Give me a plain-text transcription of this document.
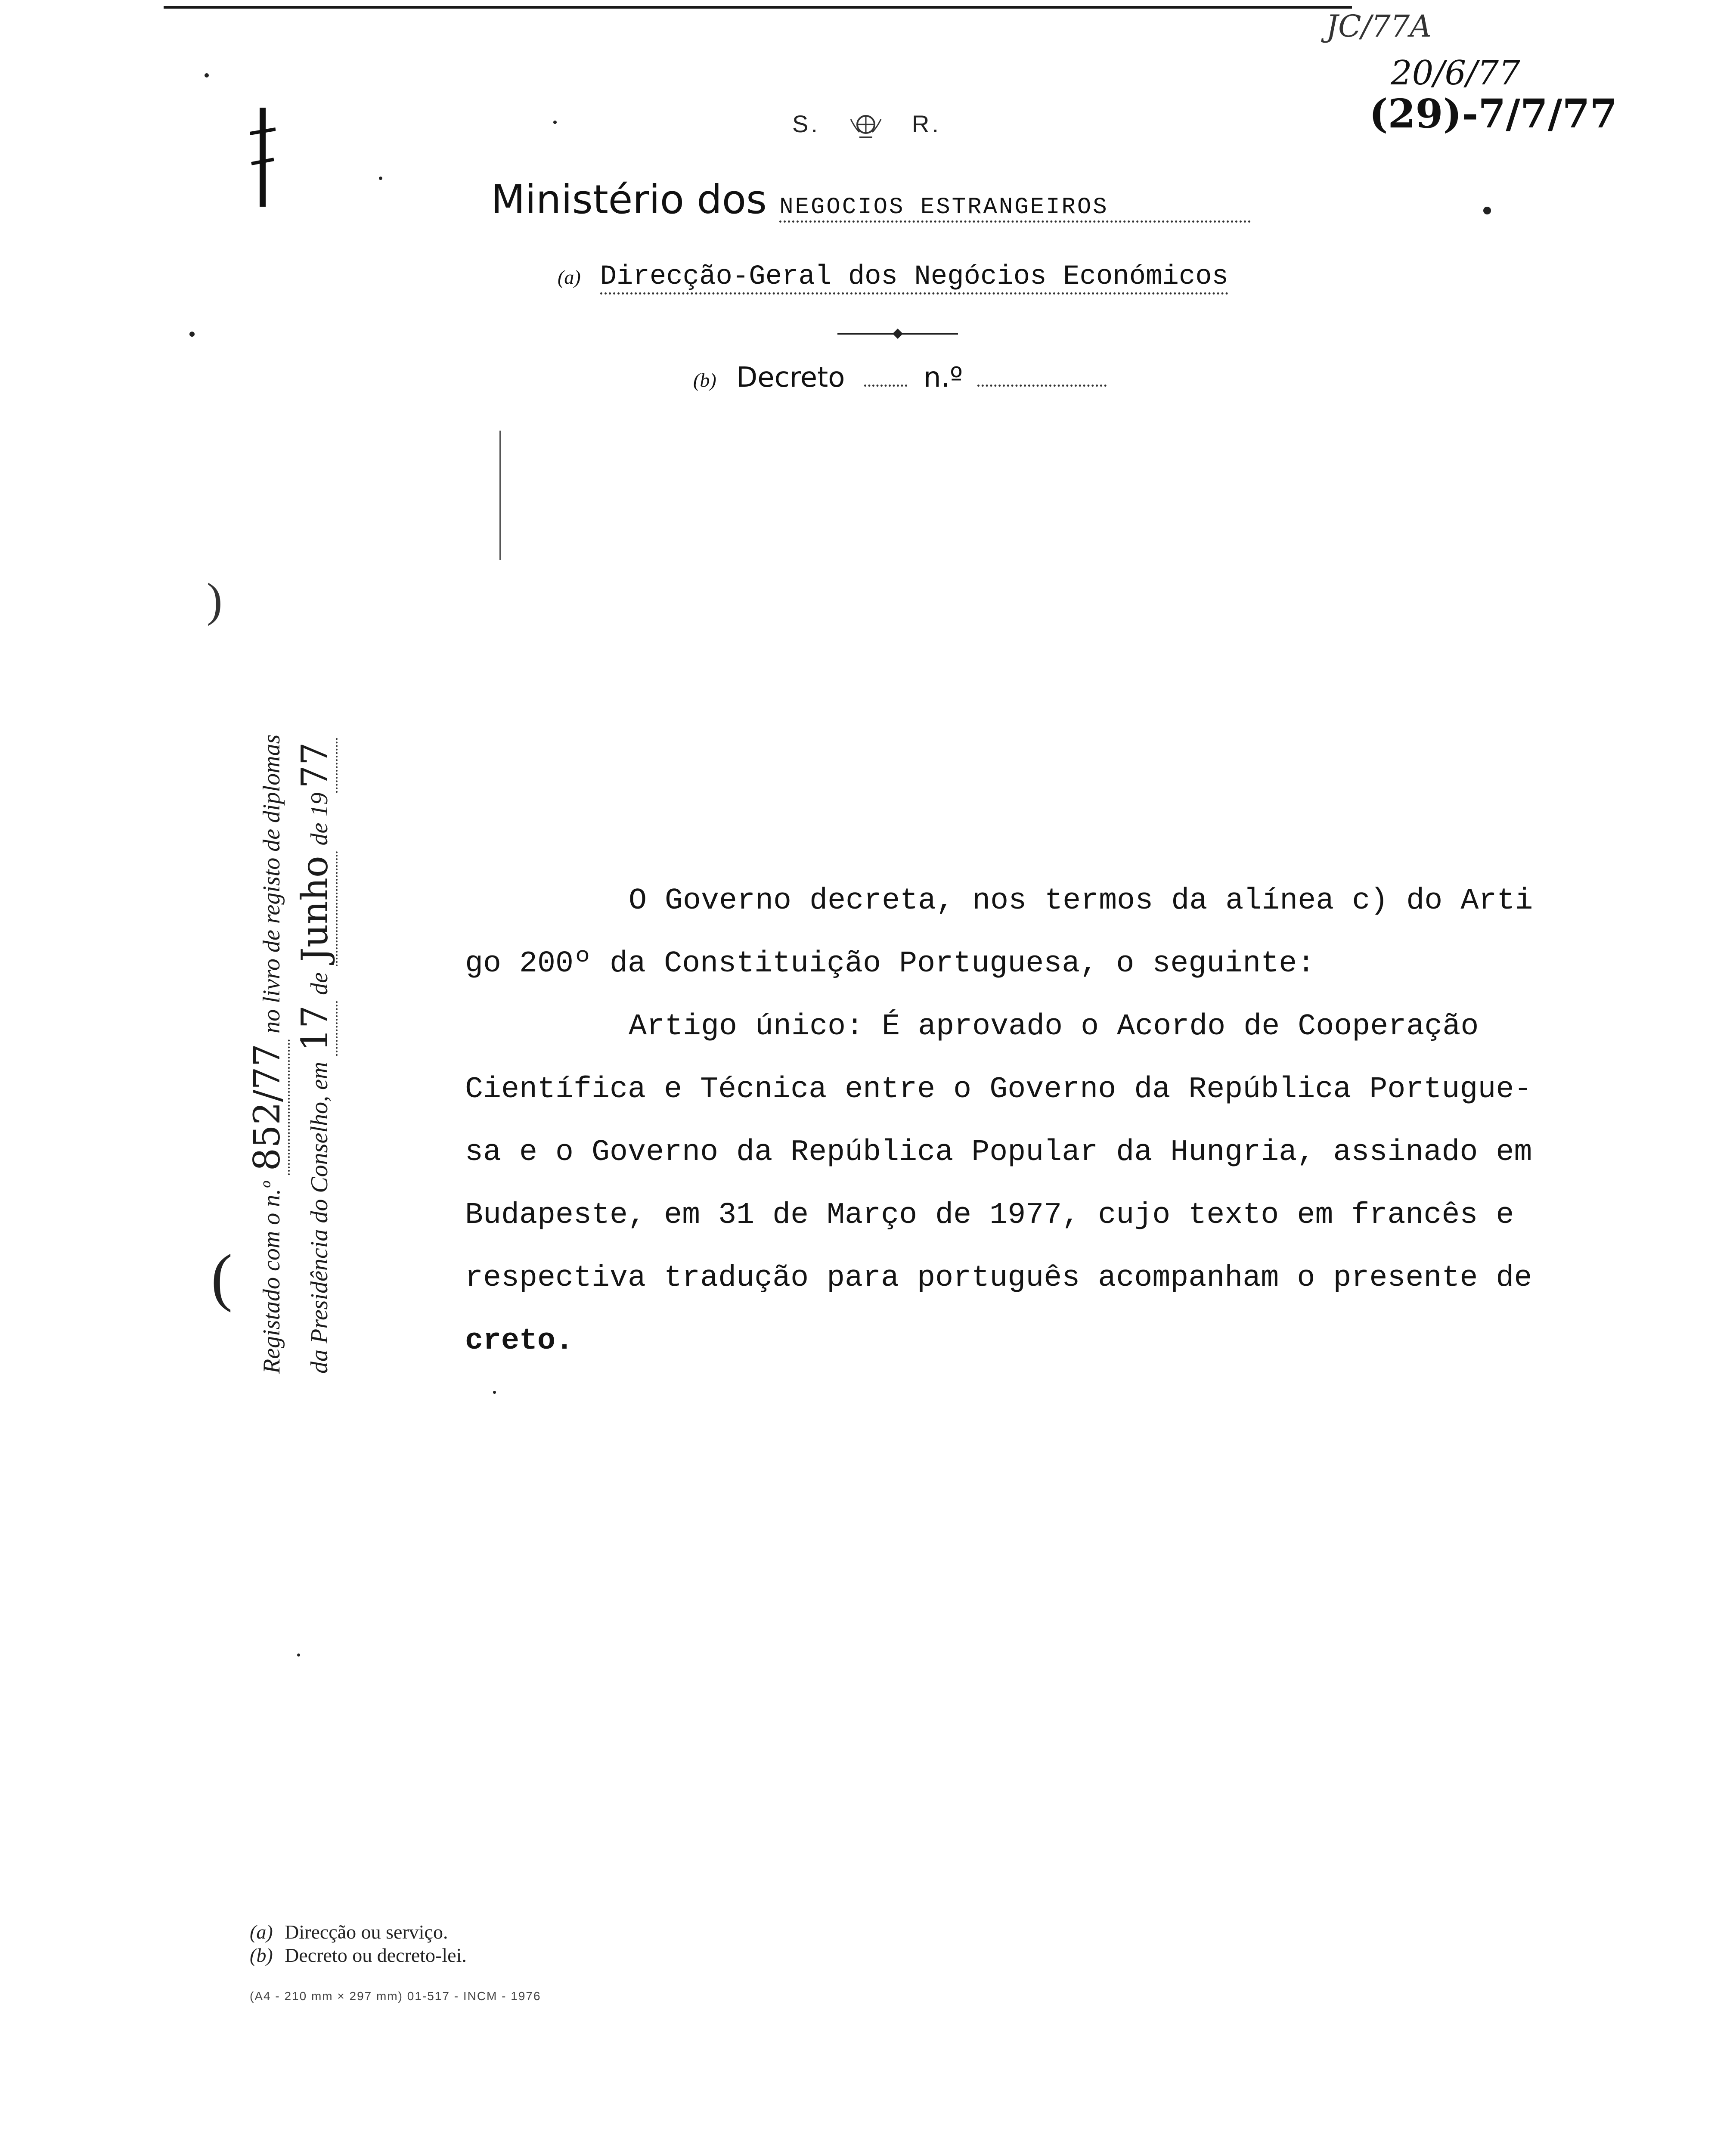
JC/77A
20/6/77
(29)-7/7/77
S.	R.
Ministério dos NEGOCIOS ESTRANGEIROS
(a) Direcção-Geral dos Negócios Económicos
(b) Decreto	n.º
)
Registado com o n.º 852/77 no livro de registo de diplomas
da Presidência do Conselho, em 17 de Junho de 1977
(

O Governo decreta, nos termos da alínea c) do Arti

go 200º da Constituição Portuguesa, o seguinte:

Artigo único: É aprovado o Acordo de Cooperação

Científica e Técnica entre o Governo da República Portugue-

sa e o Governo da República Popular da Hungria, assinado em

Budapeste, em 31 de Março de 1977, cujo texto em francês e

respectiva tradução para português acompanham o presente de

creto.

(a) Direcção ou serviço.
(b) Decreto ou decreto-lei.
(A4 - 210 mm × 297 mm) 01-517 - INCM - 1976
